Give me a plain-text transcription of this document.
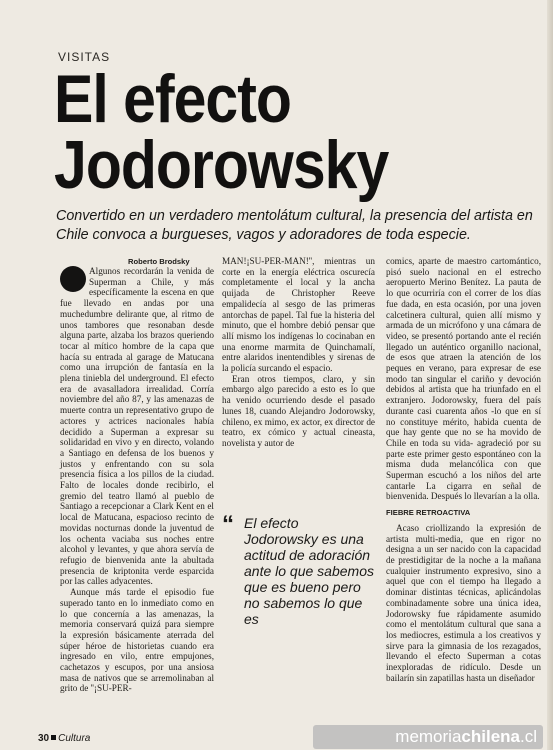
VISITAS
El efecto
Jodorowsky
Convertido en un verdadero mentolátum cultural, la presencia del artista en Chile convoca a burgueses, vagos y adoradores de toda especie.
Roberto Brodsky

Algunos recordarán la venida de Superman a Chile, y más específicamente la escena en que fue llevado en andas por una muchedumbre delirante que, al ritmo de unos tambores que resonaban desde alguna parte, alzaba los brazos queriendo tocar al mítico hombre de la capa que hacía su entrada al garage de Matucana como una irrupción de fantasía en la plena tiniebla del underground. El efecto era de avasalladora irrealidad. Corría noviembre del año 87, y las amenazas de muerte contra un representativo grupo de actores y actrices nacionales había decidido a Superman a expresar su solidaridad en vivo y en directo, volando a Santiago en defensa de los buenos y justos y enfrentando con su sola presencia física a los pillos de la ciudad. Falto de locales donde recibirlo, el gremio del teatro llamó al pueblo de Santiago a recepcionar a Clark Kent en el local de Matucana, espacioso recinto de movidas nocturnas donde la juventud de los ochenta vaciaba sus noches entre alcohol y levantes, y que ahora servía de refugio de bienvenida ante la abultada presencia de kriptonita verde esparcida por las calles adyacentes.

Aunque más tarde el episodio fue superado tanto en lo inmediato como en lo que concernía a las amenazas, la memoria conservará quizá para siempre la expresión básicamente aterrada del súper héroe de historietas cuando era ingresado en vilo, entre empujones, cachetazos y escupos, por una ansiosa masa de nativos que se arremolinaban al grito de ''¡SU-PER-

MAN!¡SU-PER-MAN!'', mientras un corte en la energía eléctrica oscurecía completamente el local y la ancha quijada de Christopher Reeve empalidecía al sesgo de las primeras antorchas de papel. Tal fue la histeria del minuto, que el hombre debió pensar que allí mismo los indígenas lo cocinaban en una enorme marmita de Quinchamalí, entre alaridos inentendibles y sirenas de la policía surcando el espacio.

Eran otros tiempos, claro, y sin embargo algo parecido a esto es lo que ha venido ocurriendo desde el pasado lunes 18, cuando Alejandro Jodorowsky, chileno, ex mimo, ex actor, ex director de teatro, ex cómico y actual cineasta, novelista y autor de

“ El efecto Jodorowsky es una actitud de adoración ante lo que sabemos que es bueno pero no sabemos lo que es

comics, aparte de maestro cartomántico, pisó suelo nacional en el estrecho aeropuerto Merino Benítez. La pauta de lo que ocurriría con el correr de los días fue dada, en esta ocasión, por una joven calcetinera cultural, quien allí mismo y armada de un micrófono y una cámara de video, se presentó portando ante el recién llegado un auténtico organillo nacional, de esos que atraen la atención de los peques en verano, para expresar de ese modo tan singular el cariño y devoción debidos al artista que ha triunfado en el extranjero. Jodorowsky, fuera del país durante casi cuarenta años -lo que en sí no constituye mérito, habida cuenta de que hay gente que no se ha movido de Chile en toda su vida- agradeció por su parte este primer gesto espontáneo con la misma duda melancólica con que Superman escuchó a los niños del arte cantarle La cigarra en señal de bienvenida. Después lo llevarían a la olla.

FIEBRE RETROACTIVA

Acaso criollizando la expresión de artista multi-media, que en rigor no designa a un ser nacido con la capacidad de prestidigitar de la noche a la mañana cualquier instrumento expresivo, sino a aquel que con el tiempo ha llegado a dominar distintas técnicas, aplicándolas combinadamente sobre una única idea, Jodorowsky fue rápidamente asumido como el mentolátum cultural que sana a los mediocres, estimula a los creativos y sirve para la gimnasia de los rezagados, llevando el efecto Superman a cotas inexploradas de ridículo. Desde un bailarín sin zapatillas hasta un diseñador

30 Cultura	memoriachilena.cl
